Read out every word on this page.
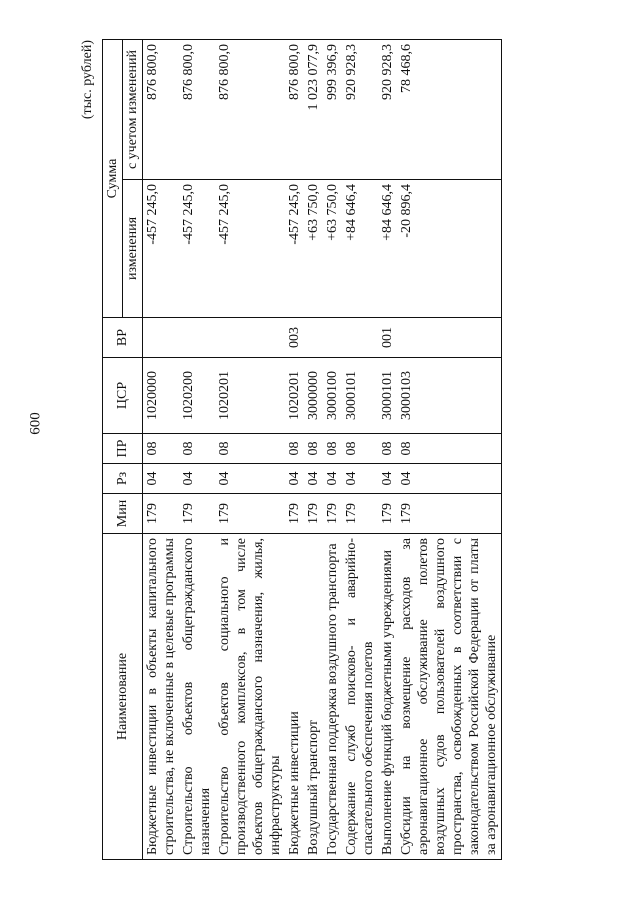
600
(тыс. рублей)
Наименование	Мин	Рз	ПР	ЦСР	ВР	Сумма	
						изменения	с учетом изменений
Бюджетные инвестиции в объекты капитального строительства, не включенные в целевые программы	179	04	08	1020000		-457 245,0	876 800,0
Строительство объектов общегражданского назначения	179	04	08	1020200		-457 245,0	876 800,0
Строительство объектов социального и производственного комплексов, в том числе объектов общегражданского назначения, жилья, инфраструктуры	179	04	08	1020201		-457 245,0	876 800,0
Бюджетные инвестиции	179	04	08	1020201	003	-457 245,0	876 800,0
Воздушный транспорт	179	04	08	3000000		+63 750,0	1 023 077,9
Государственная поддержка воздушного транспорта	179	04	08	3000100		+63 750,0	999 396,9
Содержание служб поисково- и аварийно-спасательного обеспечения полетов	179	04	08	3000101		+84 646,4	920 928,3
Выполнение функций бюджетными учреждениями	179	04	08	3000101	001	+84 646,4	920 928,3
Субсидии на возмещение расходов за аэронавигационное обслуживание полетов воздушных судов пользователей воздушного пространства, освобожденных в соответствии с законодательством Российской Федерации от платы за аэронавигационное обслуживание	179	04	08	3000103		-20 896,4	78 468,6
